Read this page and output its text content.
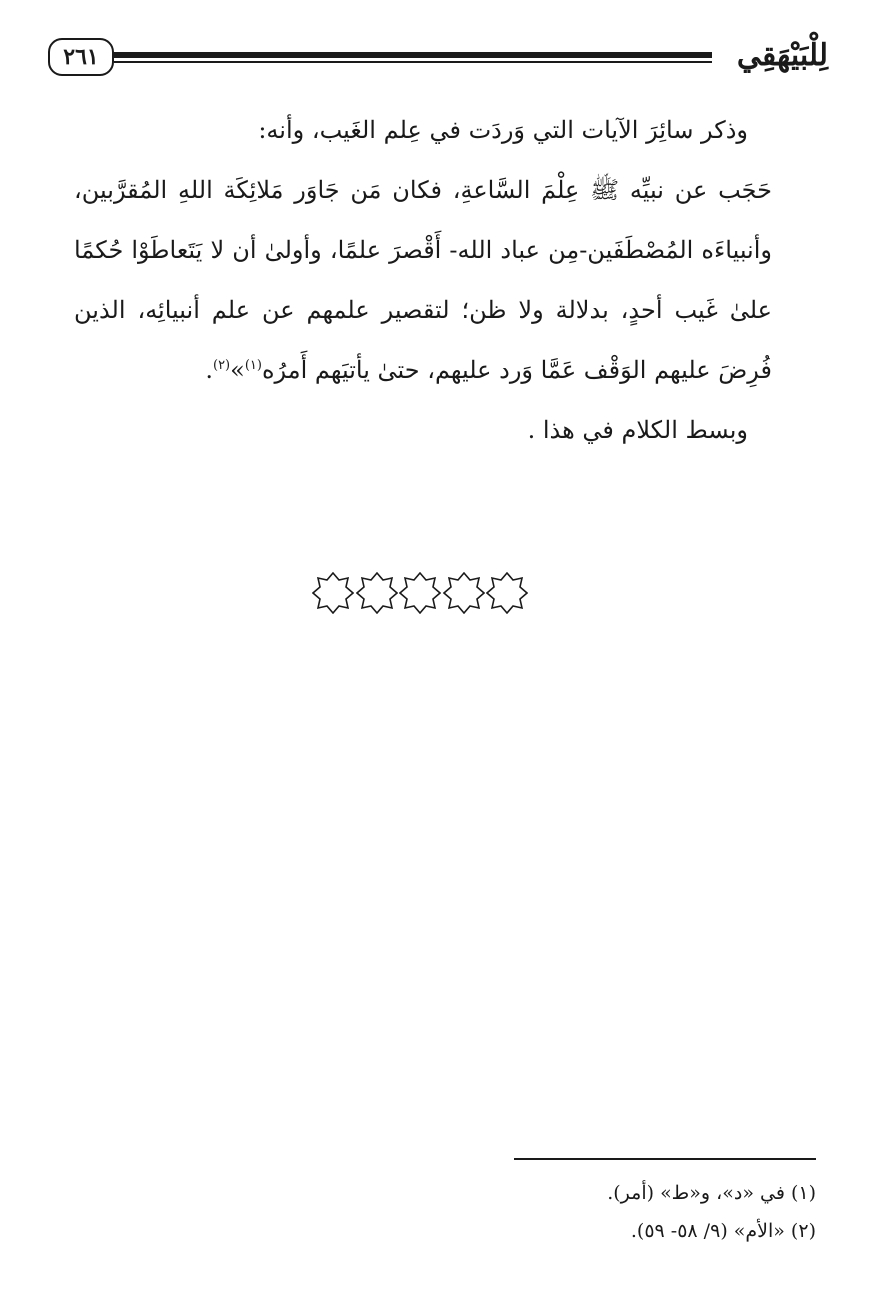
٢٦١	لِلْبَيْهَقِي

وذكر سائِرَ الآيات التي وَردَت في عِلم الغَيب، وأنه:

حَجَب عن نبيِّه ﷺ عِلْمَ السَّاعةِ، فكان مَن جَاوَر مَلائِكَة اللهِ المُقرَّبين، وأنبياءَه المُصْطَفَين-مِن عباد الله- أَقْصرَ علمًا، وأولىٰ أن لا يَتَعاطَوْا حُكمًا علىٰ غَيب أحدٍ، بدلالة ولا ظن؛ لتقصير علمهم عن علم أنبيائِه، الذين فُرِضَ عليهم الوَقْف عَمَّا وَرد عليهم، حتىٰ يأتيَهم أَمرُه$^{(١)}$»$^{(٢)}$.

وبسط الكلام في هذا .

(١) في «د»، و«ط» (أمر).

(٢) «الأم» (٩/ ٥٨- ٥٩).
